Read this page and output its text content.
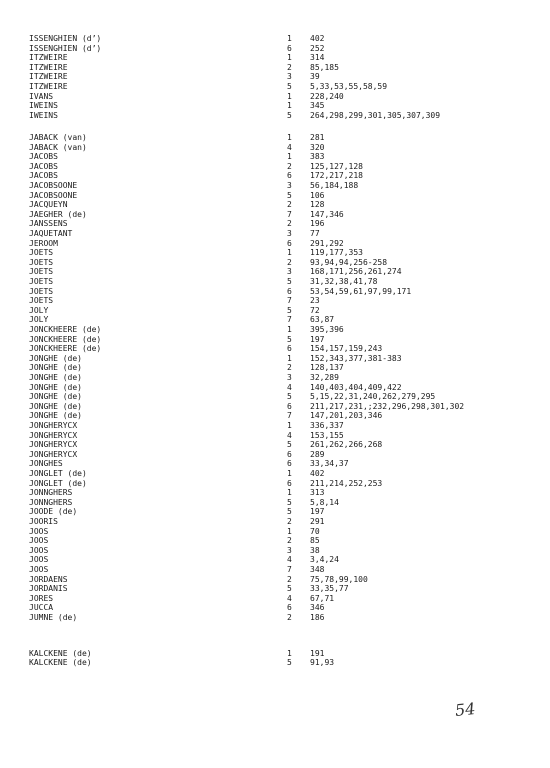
ISSENGHIEN (d’)	1 402
ISSENGHIEN (d’)	6 252
ITZWEIRE	1 314
ITZWEIRE	2 85,185
ITZWEIRE	3 39
ITZWEIRE	5 5,33,53,55,58,59
IVANS	1 228,240
IWEINS	1 345
IWEINS	5 264,298,299,301,305,307,309
JABACK (van)	1 281
JABACK (van)	4 320
JACOBS	1 383
JACOBS	2 125,127,128
JACOBS	6 172,217,218
JACOBSOONE	3 56,184,188
JACOBSOONE	5 106
JACQUEYN	2 128
JAEGHER (de)	7 147,346
JANSSENS	2 196
JAQUETANT	3 77
JEROOM	6 291,292
JOETS	1 119,177,353
JOETS	2 93,94,94,256-258
JOETS	3 168,171,256,261,274
JOETS	5 31,32,38,41,78
JOETS	6 53,54,59,61,97,99,171
JOETS	7 23
JOLY	5 72
JOLY	7 63,87
JONCKHEERE (de)	1 395,396
JONCKHEERE (de)	5 197
JONCKHEERE (de)	6 154,157,159,243
JONGHE (de)	1 152,343,377,381-383
JONGHE (de)	2 128,137
JONGHE (de)	3 32,289
JONGHE (de)	4 140,403,404,409,422
JONGHE (de)	5 5,15,22,31,240,262,279,295
JONGHE (de)	6 211,217,231,;232,296,298,301,302
JONGHE (de)	7 147,201,203,346
JONGHERYCX	1 336,337
JONGHERYCX	4 153,155
JONGHERYCX	5 261,262,266,268
JONGHERYCX	6 289
JONGHES	6 33,34,37
JONGLET (de)	1 402
JONGLET (de)	6 211,214,252,253
JONNGHERS	1 313
JONNGHERS	5 5,8,14
JOODE (de)	5 197
JOORIS	2 291
JOOS	1 70
JOOS	2 85
JOOS	3 38
JOOS	4 3,4,24
JOOS	7 348
JORDAENS	2 75,78,99,100
JORDANIS	5 33,35,77
JORES	4 67,71
JUCCA	6 346
JUMNE (de)	2 186
KALCKENE (de)	1 191
KALCKENE (de)	5 91,93
54
